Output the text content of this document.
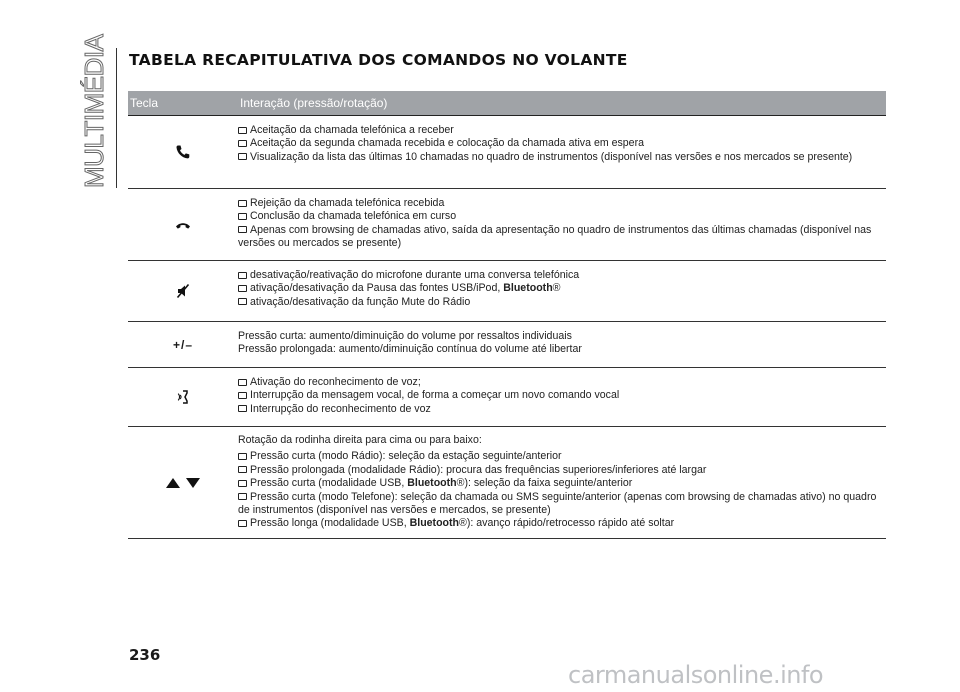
MULTIMÉDIA	TABELA RECAPITULATIVA DOS COMANDOS NO VOLANTE
Tecla	Interação (pressão/rotação)
Aceitação da chamada telefónica a receber
Aceitação da segunda chamada recebida e colocação da chamada ativa em espera
Visualização da lista das últimas 10 chamadas no quadro de instrumentos (disponível nas versões e nos mercados se presente)
Rejeição da chamada telefónica recebida
Conclusão da chamada telefónica em curso
Apenas com browsing de chamadas ativo, saída da apresentação no quadro de instrumentos das últimas chamadas (disponível nas versões ou mercados se presente)
desativação/reativação do microfone durante uma conversa telefónica
ativação/desativação da Pausa das fontes USB/iPod, Bluetooth®
ativação/desativação da função Mute do Rádio
+/–
Pressão curta: aumento/diminuição do volume por ressaltos individuais
Pressão prolongada: aumento/diminuição contínua do volume até libertar
Ativação do reconhecimento de voz;
Interrupção da mensagem vocal, de forma a começar um novo comando vocal
Interrupção do reconhecimento de voz
Rotação da rodinha direita para cima ou para baixo:
Pressão curta (modo Rádio): seleção da estação seguinte/anterior
Pressão prolongada (modalidade Rádio): procura das frequências superiores/inferiores até largar
Pressão curta (modalidade USB, Bluetooth®): seleção da faixa seguinte/anterior
Pressão curta (modo Telefone): seleção da chamada ou SMS seguinte/anterior (apenas com browsing de chamadas ativo) no quadro de instrumentos (disponível nas versões e mercados, se presente)
Pressão longa (modalidade USB, Bluetooth®): avanço rápido/retrocesso rápido até soltar
236
carmanualsonline.info
